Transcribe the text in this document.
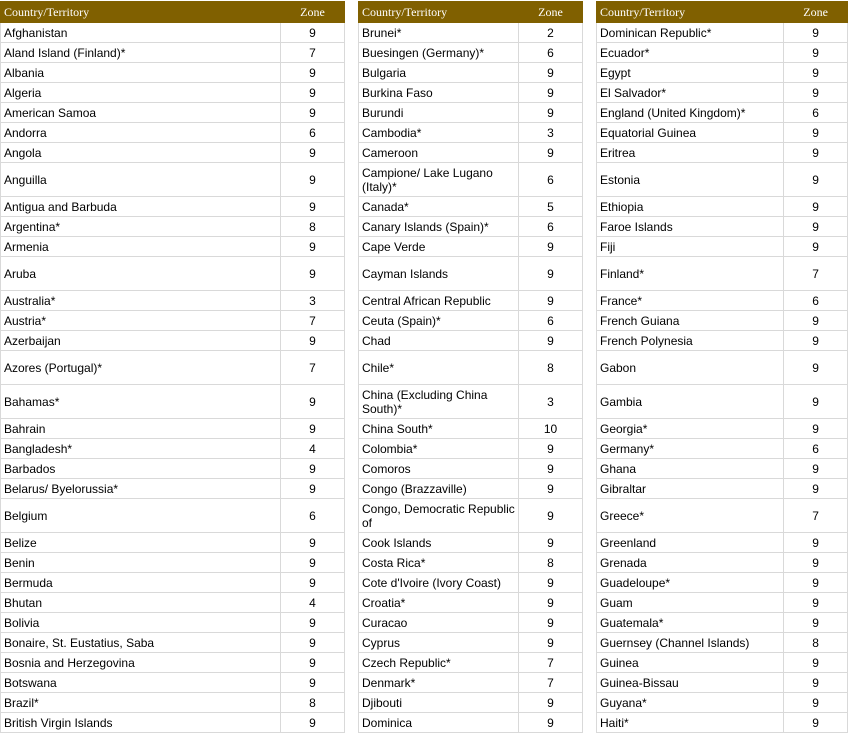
Country/Territory	Zone
Afghanistan	9
Aland Island (Finland)*	7
Albania	9
Algeria	9
American Samoa	9
Andorra	6
Angola	9
Anguilla	9
Antigua and Barbuda	9
Argentina*	8
Armenia	9
Aruba	9
Australia*	3
Austria*	7
Azerbaijan	9
Azores (Portugal)*	7
Bahamas*	9
Bahrain	9
Bangladesh*	4
Barbados	9
Belarus/ Byelorussia*	9
Belgium	6
Belize	9
Benin	9
Bermuda	9
Bhutan	4
Bolivia	9
Bonaire, St. Eustatius, Saba	9
Bosnia and Herzegovina	9
Botswana	9
Brazil*	8
British Virgin Islands	9
Country/Territory	Zone
Brunei*	2
Buesingen (Germany)*	6
Bulgaria	9
Burkina Faso	9
Burundi	9
Cambodia*	3
Cameroon	9
Campione/ Lake Lugano (Italy)*	6
Canada*	5
Canary Islands (Spain)*	6
Cape Verde	9
Cayman Islands	9
Central African Republic	9
Ceuta (Spain)*	6
Chad	9
Chile*	8
China (Excluding China South)*	3
China South*	10
Colombia*	9
Comoros	9
Congo (Brazzaville)	9
Congo, Democratic Republic of	9
Cook Islands	9
Costa Rica*	8
Cote d'Ivoire (Ivory Coast)	9
Croatia*	9
Curacao	9
Cyprus	9
Czech Republic*	7
Denmark*	7
Djibouti	9
Dominica	9
Country/Territory	Zone
Dominican Republic*	9
Ecuador*	9
Egypt	9
El Salvador*	9
England (United Kingdom)*	6
Equatorial Guinea	9
Eritrea	9
Estonia	9
Ethiopia	9
Faroe Islands	9
Fiji	9
Finland*	7
France*	6
French Guiana	9
French Polynesia	9
Gabon	9
Gambia	9
Georgia*	9
Germany*	6
Ghana	9
Gibraltar	9
Greece*	7
Greenland	9
Grenada	9
Guadeloupe*	9
Guam	9
Guatemala*	9
Guernsey (Channel Islands)	8
Guinea	9
Guinea-Bissau	9
Guyana*	9
Haiti*	9
